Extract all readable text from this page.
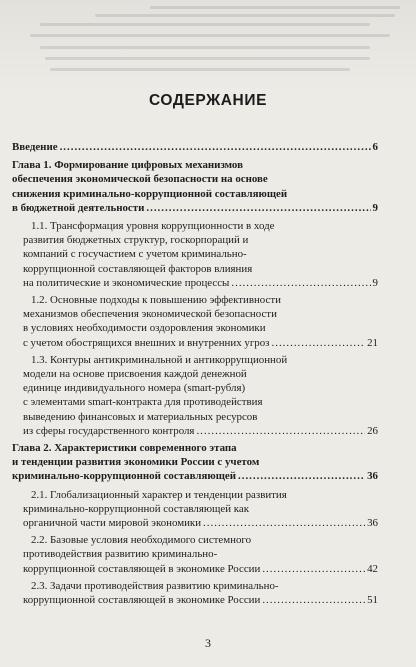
СОДЕРЖАНИЕ
Введение .....	6
Глава 1. Формирование цифровых механизмов
обеспечения экономической безопасности на основе
снижения криминально-коррупционной составляющей
в бюджетной деятельности .....	9
1.1. Трансформация уровня коррупционности в ходе
развития бюджетных структур, госкорпораций и
компаний с госучастием с учетом криминально-
коррупционной составляющей факторов влияния
на политические и экономические процессы .....	9
1.2. Основные подходы к повышению эффективности
механизмов обеспечения экономической безопасности
в условиях необходимости оздоровления экономики
с учетом обострящихся внешних и внутренних угроз .....	21
1.3. Контуры антикриминальной и антикоррупционной
модели на основе присвоения каждой денежной
единице индивидуального номера (smart-рубля)
с элементами smart-контракта для противодействия
выведению финансовых и материальных ресурсов
из сферы государственного контроля .....	26
Глава 2. Характеристики современного этапа
и тенденции развития экономики России с учетом
криминально-коррупционной составляющей .....	36
2.1. Глобализационный характер и тенденции развития
криминально-коррупционной составляющей как
органичной части мировой экономики .....	36
2.2. Базовые условия необходимого системного
противодействия развитию криминально-
коррупционной составляющей в экономике России .....	42
2.3. Задачи противодействия развитию криминально-
коррупционной составляющей в экономике России .....	51
3
